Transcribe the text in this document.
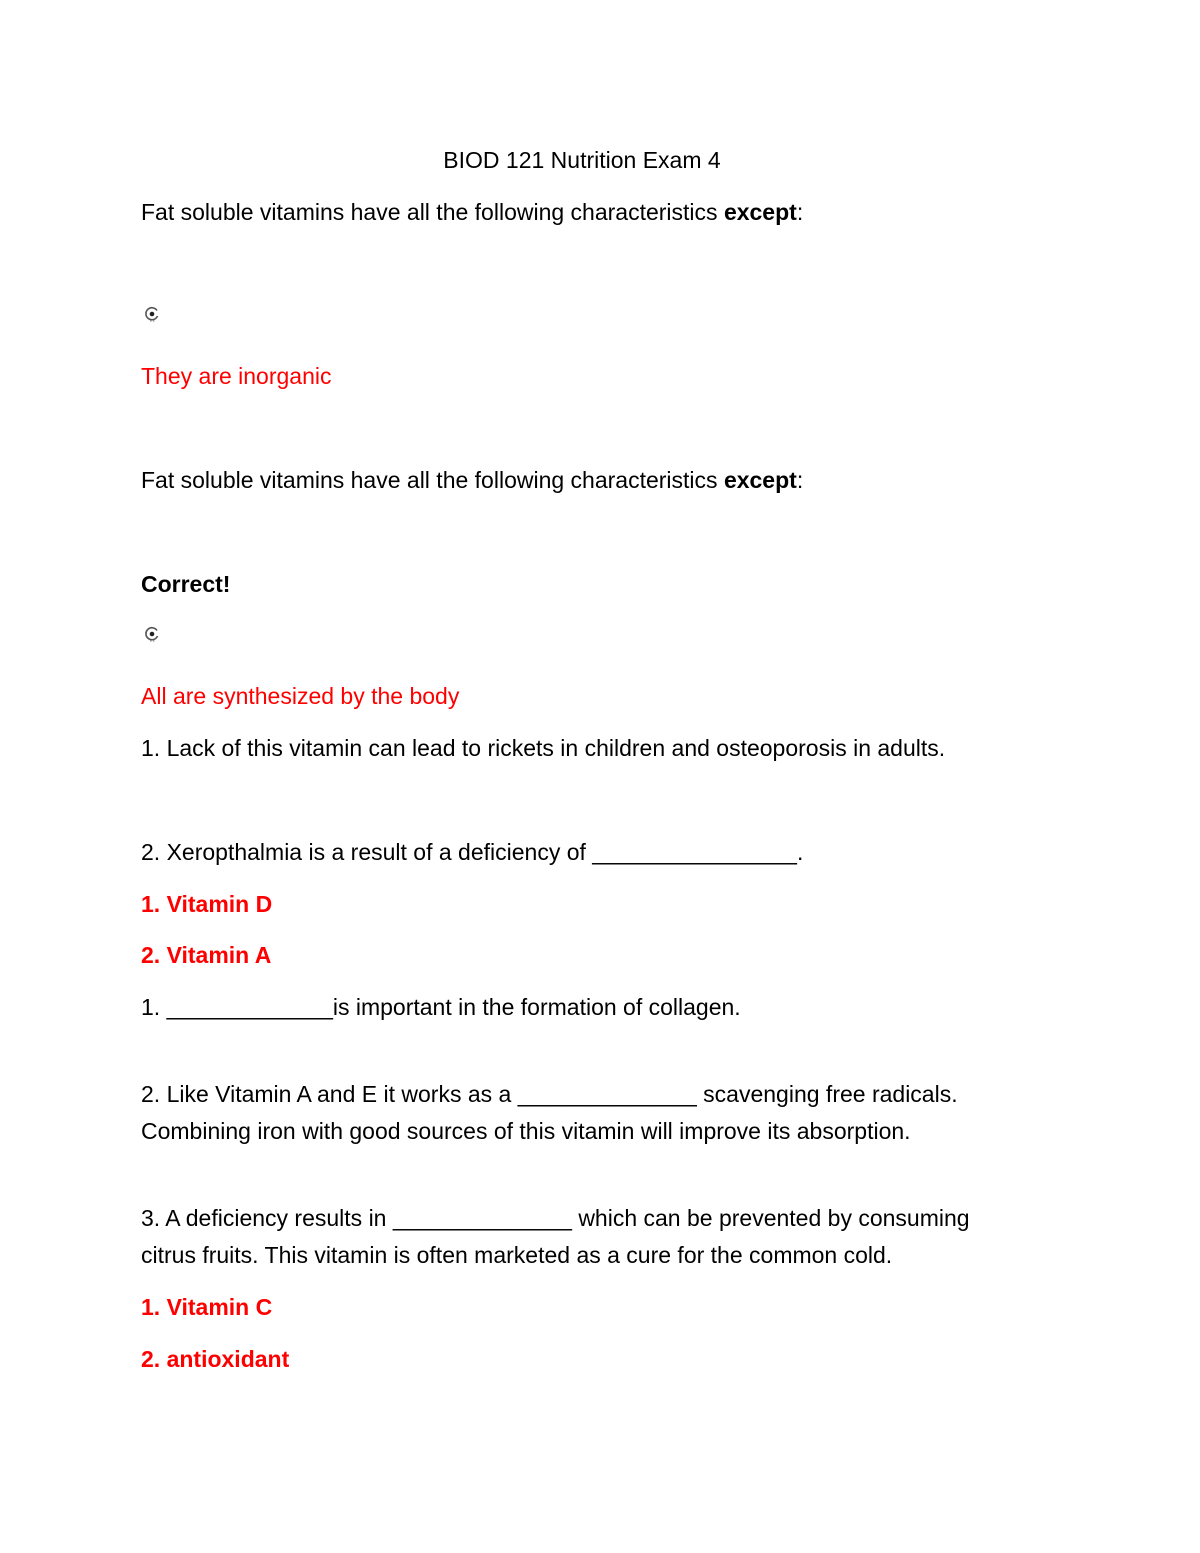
BIOD 121 Nutrition Exam 4
Fat soluble vitamins have all the following characteristics except:
They are inorganic
Fat soluble vitamins have all the following characteristics except:
Correct!
All are synthesized by the body
1. Lack of this vitamin can lead to rickets in children and osteoporosis in adults.
2. Xeropthalmia is a result of a deficiency of ________________.
1. Vitamin D
2. Vitamin A
1. _____________is important in the formation of collagen.
2. Like Vitamin A and E it works as a ______________ scavenging free radicals.
Combining iron with good sources of this vitamin will improve its absorption.
3. A deficiency results in ______________ which can be prevented by consuming
citrus fruits. This vitamin is often marketed as a cure for the common cold.
1. Vitamin C
2. antioxidant
